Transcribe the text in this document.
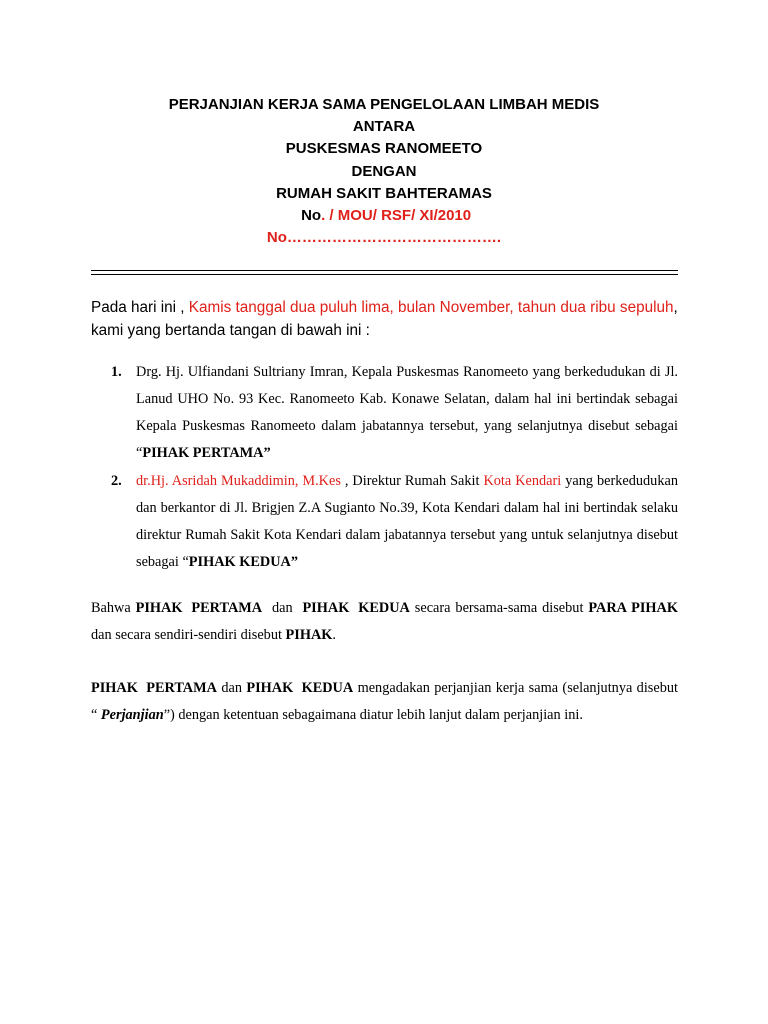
PERJANJIAN KERJA SAMA PENGELOLAAN LIMBAH MEDIS
ANTARA
PUSKESMAS RANOMEETO
DENGAN
RUMAH SAKIT BAHTERAMAS
No. / MOU/ RSF/ XI/2010
No…………………………………….
Pada hari ini , Kamis tanggal dua puluh lima, bulan November, tahun dua ribu sepuluh, kami yang bertanda tangan di bawah ini :
1. Drg. Hj. Ulfiandani Sultriany Imran, Kepala Puskesmas Ranomeeto yang berkedudukan di Jl. Lanud UHO No. 93 Kec. Ranomeeto Kab. Konawe Selatan, dalam hal ini bertindak sebagai Kepala Puskesmas Ranomeeto dalam jabatannya tersebut, yang selanjutnya disebut sebagai “PIHAK PERTAMA”
2. dr.Hj. Asridah Mukaddimin, M.Kes , Direktur Rumah Sakit Kota Kendari yang berkedudukan dan berkantor di Jl. Brigjen Z.A Sugianto No.39, Kota Kendari dalam hal ini bertindak selaku direktur Rumah Sakit Kota Kendari dalam jabatannya tersebut yang untuk selanjutnya disebut sebagai “PIHAK KEDUA”
Bahwa PIHAK PERTAMA  dan  PIHAK KEDUA secara bersama-sama disebut PARA PIHAK dan secara sendiri-sendiri disebut PIHAK.
PIHAK PERTAMA dan PIHAK KEDUA mengadakan perjanjian kerja sama (selanjutnya disebut “ Perjanjian”) dengan ketentuan sebagaimana diatur lebih lanjut dalam perjanjian ini.
